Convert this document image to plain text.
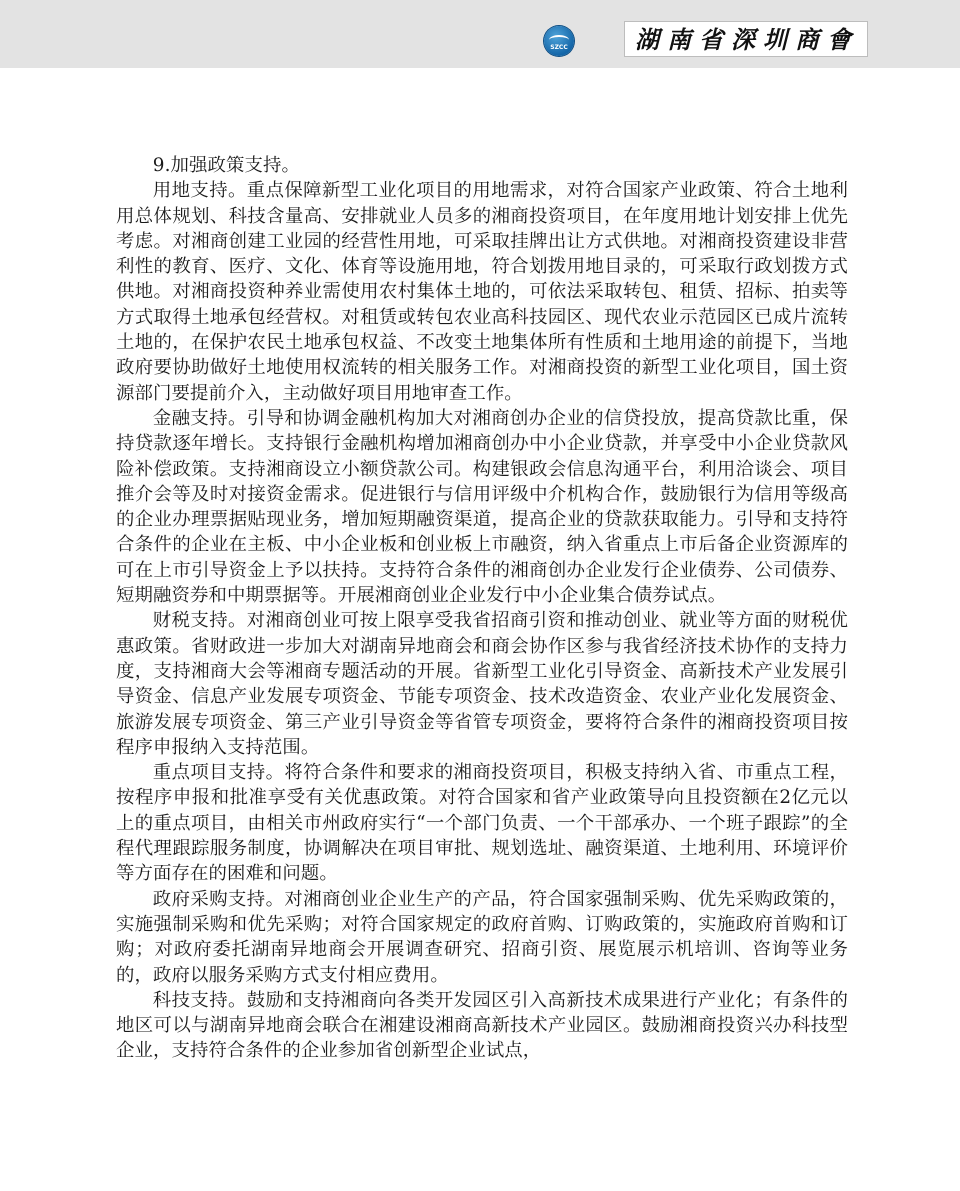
SZCC	湖南省深圳商會

9.加强政策支持。

用地支持。重点保障新型工业化项目的用地需求，对符合国家产业政策、符合土地利用总体规划、科技含量高、安排就业人员多的湘商投资项目，在年度用地计划安排上优先考虑。对湘商创建工业园的经营性用地，可采取挂牌出让方式供地。对湘商投资建设非营利性的教育、医疗、文化、体育等设施用地，符合划拨用地目录的，可采取行政划拨方式供地。对湘商投资种养业需使用农村集体土地的，可依法采取转包、租赁、招标、拍卖等方式取得土地承包经营权。对租赁或转包农业高科技园区、现代农业示范园区已成片流转土地的，在保护农民土地承包权益、不改变土地集体所有性质和土地用途的前提下，当地政府要协助做好土地使用权流转的相关服务工作。对湘商投资的新型工业化项目，国土资源部门要提前介入，主动做好项目用地审查工作。

金融支持。引导和协调金融机构加大对湘商创办企业的信贷投放，提高贷款比重，保持贷款逐年增长。支持银行金融机构增加湘商创办中小企业贷款，并享受中小企业贷款风险补偿政策。支持湘商设立小额贷款公司。构建银政会信息沟通平台，利用洽谈会、项目推介会等及时对接资金需求。促进银行与信用评级中介机构合作，鼓励银行为信用等级高的企业办理票据贴现业务，增加短期融资渠道，提高企业的贷款获取能力。引导和支持符合条件的企业在主板、中小企业板和创业板上市融资，纳入省重点上市后备企业资源库的可在上市引导资金上予以扶持。支持符合条件的湘商创办企业发行企业债券、公司债券、短期融资券和中期票据等。开展湘商创业企业发行中小企业集合债券试点。

财税支持。对湘商创业可按上限享受我省招商引资和推动创业、就业等方面的财税优惠政策。省财政进一步加大对湖南异地商会和商会协作区参与我省经济技术协作的支持力度，支持湘商大会等湘商专题活动的开展。省新型工业化引导资金、高新技术产业发展引导资金、信息产业发展专项资金、节能专项资金、技术改造资金、农业产业化发展资金、旅游发展专项资金、第三产业引导资金等省管专项资金，要将符合条件的湘商投资项目按程序申报纳入支持范围。

重点项目支持。将符合条件和要求的湘商投资项目，积极支持纳入省、市重点工程，按程序申报和批准享受有关优惠政策。对符合国家和省产业政策导向且投资额在2亿元以上的重点项目，由相关市州政府实行“一个部门负责、一个干部承办、一个班子跟踪”的全程代理跟踪服务制度，协调解决在项目审批、规划选址、融资渠道、土地利用、环境评价等方面存在的困难和问题。

政府采购支持。对湘商创业企业生产的产品，符合国家强制采购、优先采购政策的，实施强制采购和优先采购；对符合国家规定的政府首购、订购政策的，实施政府首购和订购；对政府委托湖南异地商会开展调查研究、招商引资、展览展示机培训、咨询等业务的，政府以服务采购方式支付相应费用。

科技支持。鼓励和支持湘商向各类开发园区引入高新技术成果进行产业化；有条件的地区可以与湖南异地商会联合在湘建设湘商高新技术产业园区。鼓励湘商投资兴办科技型企业，支持符合条件的企业参加省创新型企业试点，
